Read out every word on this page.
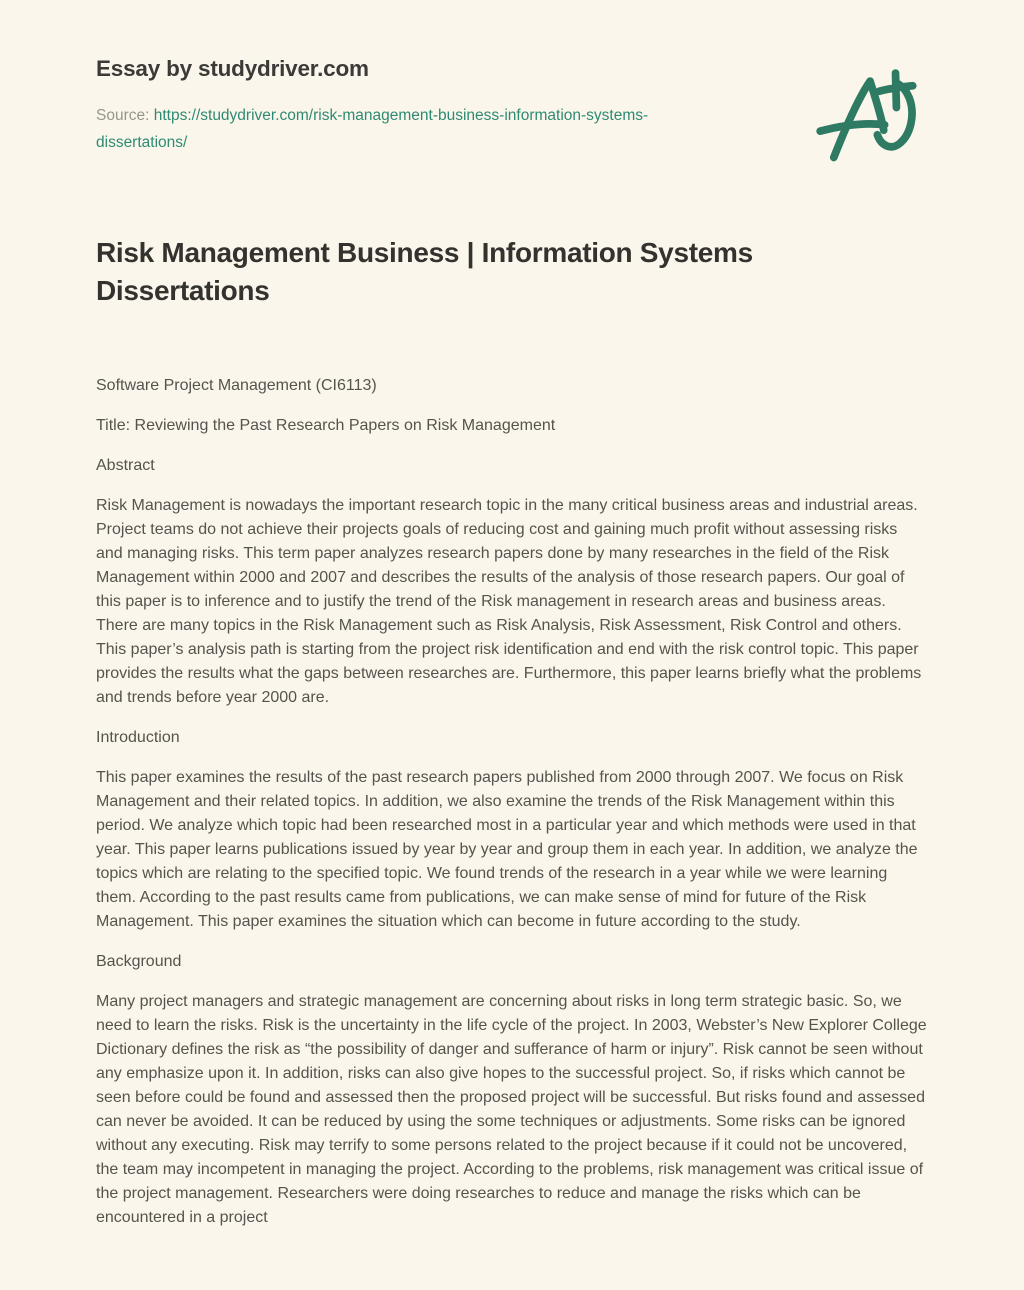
Essay by studydriver.com

Source: https://studydriver.com/risk-management-business-information-systems-dissertations/

Risk Management Business | Information Systems Dissertations

Software Project Management (CI6113)

Title: Reviewing the Past Research Papers on Risk Management

Abstract

Risk Management is nowadays the important research topic in the many critical business areas and industrial areas. Project teams do not achieve their projects goals of reducing cost and gaining much profit without assessing risks and managing risks. This term paper analyzes research papers done by many researches in the field of the Risk Management within 2000 and 2007 and describes the results of the analysis of those research papers. Our goal of this paper is to inference and to justify the trend of the Risk management in research areas and business areas. There are many topics in the Risk Management such as Risk Analysis, Risk Assessment, Risk Control and others. This paper’s analysis path is starting from the project risk identification and end with the risk control topic. This paper provides the results what the gaps between researches are. Furthermore, this paper learns briefly what the problems and trends before year 2000 are.

Introduction

This paper examines the results of the past research papers published from 2000 through 2007. We focus on Risk Management and their related topics. In addition, we also examine the trends of the Risk Management within this period. We analyze which topic had been researched most in a particular year and which methods were used in that year. This paper learns publications issued by year by year and group them in each year. In addition, we analyze the topics which are relating to the specified topic. We found trends of the research in a year while we were learning them. According to the past results came from publications, we can make sense of mind for future of the Risk Management. This paper examines the situation which can become in future according to the study.

Background

Many project managers and strategic management are concerning about risks in long term strategic basic. So, we need to learn the risks. Risk is the uncertainty in the life cycle of the project. In 2003, Webster’s New Explorer College Dictionary defines the risk as “the possibility of danger and sufferance of harm or injury”. Risk cannot be seen without any emphasize upon it. In addition, risks can also give hopes to the successful project. So, if risks which cannot be seen before could be found and assessed then the proposed project will be successful. But risks found and assessed can never be avoided. It can be reduced by using the some techniques or adjustments. Some risks can be ignored without any executing. Risk may terrify to some persons related to the project because if it could not be uncovered, the team may incompetent in managing the project. According to the problems, risk management was critical issue of the project management. Researchers were doing researches to reduce and manage the risks which can be encountered in a project
